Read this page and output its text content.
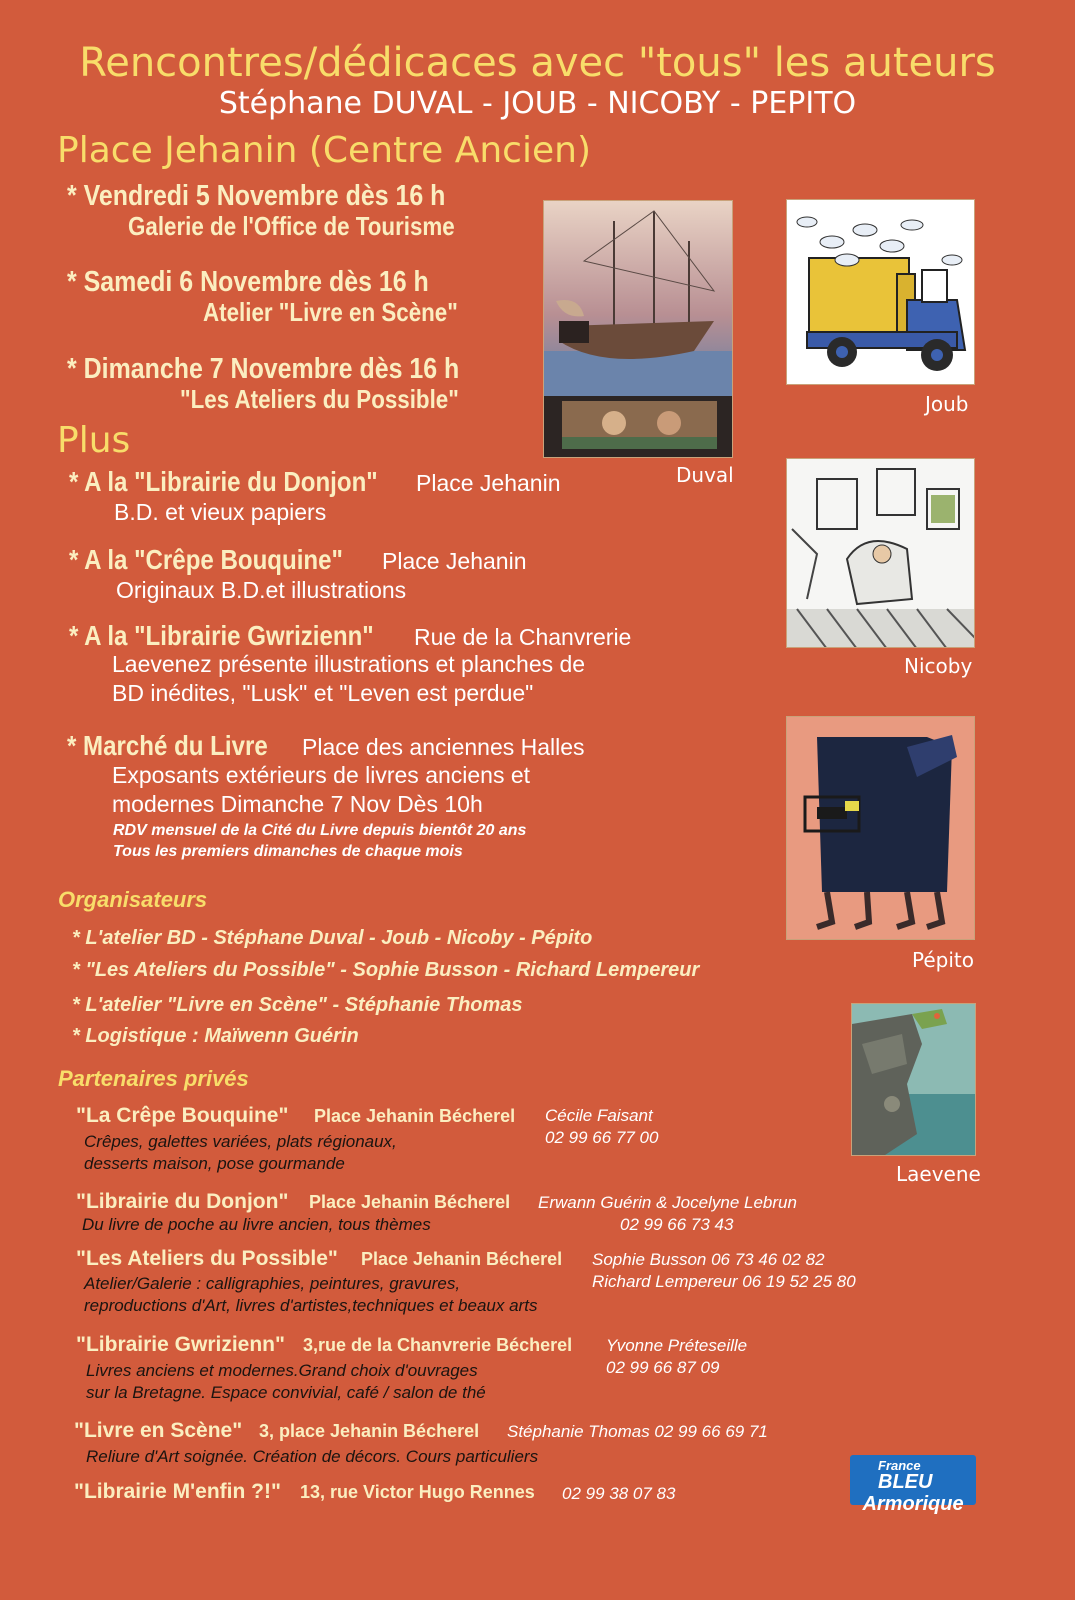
Rencontres/dédicaces avec "tous" les auteurs
Stéphane DUVAL - JOUB - NICOBY - PEPITO
Place Jehanin (Centre Ancien)
* Vendredi 5 Novembre dès 16 h
Galerie de l'Office de Tourisme
* Samedi 6 Novembre dès 16 h
Atelier "Livre en Scène"
* Dimanche 7 Novembre dès 16 h
"Les Ateliers du Possible"
Plus
* A la "Librairie du Donjon" Place Jehanin
B.D. et vieux papiers
* A la "Crêpe Bouquine" Place Jehanin
Originaux B.D.et illustrations
* A la "Librairie Gwrizienn" Rue de la Chanvrerie
Laevenez présente illustrations et planches de
BD inédites, "Lusk" et "Leven est perdue"
* Marché du Livre Place des anciennes Halles
Exposants extérieurs de livres anciens et
modernes Dimanche 7 Nov Dès 10h
RDV mensuel de la Cité du Livre depuis bientôt 20 ans
Tous les premiers dimanches de chaque mois
Organisateurs
* L'atelier BD - Stéphane Duval - Joub - Nicoby - Pépito
* "Les Ateliers du Possible" - Sophie Busson - Richard Lempereur
* L'atelier "Livre en Scène" - Stéphanie Thomas
* Logistique : Maïwenn Guérin
Partenaires privés
"La Crêpe Bouquine" Place Jehanin Bécherel Cécile Faisant
02 99 66 77 00
Crêpes, galettes variées, plats régionaux,
desserts maison, pose gourmande
"Librairie du Donjon" Place Jehanin Bécherel Erwann Guérin & Jocelyne Lebrun
02 99 66 73 43
Du livre de poche au livre ancien, tous thèmes
"Les Ateliers du Possible" Place Jehanin Bécherel Sophie Busson 06 73 46 02 82
Richard Lempereur 06 19 52 25 80
Atelier/Galerie : calligraphies, peintures, gravures,
reproductions d'Art, livres d'artistes,techniques et beaux arts
"Librairie Gwrizienn" 3,rue de la Chanvrerie Bécherel Yvonne Préteseille
02 99 66 87 09
Livres anciens et modernes.Grand choix d'ouvrages
sur la Bretagne. Espace convivial, café / salon de thé
"Livre en Scène" 3, place Jehanin Bécherel Stéphanie Thomas 02 99 66 69 71
Reliure d'Art soignée. Création de décors. Cours particuliers
"Librairie M'enfin ?!" 13, rue Victor Hugo Rennes 02 99 38 07 83
Duval
Joub
Nicoby
Pépito
Laevene
France BLEU
Armorique
